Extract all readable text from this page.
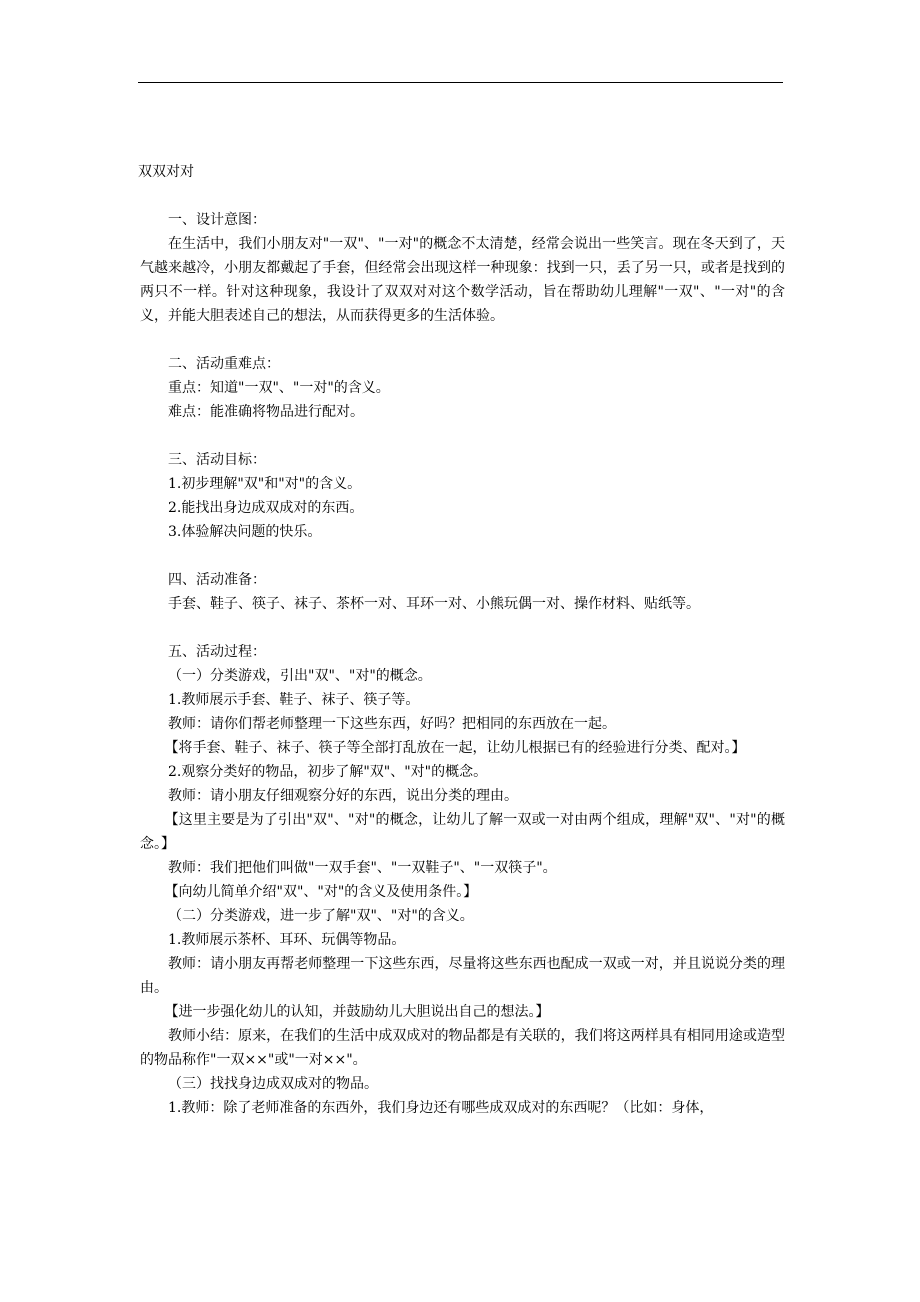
双双对对

一、设计意图：

在生活中，我们小朋友对"一双"、"一对"的概念不太清楚，经常会说出一些笑言。现在冬天到了，天气越来越冷，小朋友都戴起了手套，但经常会出现这样一种现象：找到一只，丢了另一只，或者是找到的两只不一样。针对这种现象，我设计了双双对对这个数学活动，旨在帮助幼儿理解"一双"、"一对"的含义，并能大胆表述自己的想法，从而获得更多的生活体验。

二、活动重难点：

重点：知道"一双"、"一对"的含义。

难点：能准确将物品进行配对。

三、活动目标：

1.初步理解"双"和"对"的含义。

2.能找出身边成双成对的东西。

3.体验解决问题的快乐。

四、活动准备：

手套、鞋子、筷子、袜子、茶杯一对、耳环一对、小熊玩偶一对、操作材料、贴纸等。

五、活动过程：

（一）分类游戏，引出"双"、"对"的概念。

1.教师展示手套、鞋子、袜子、筷子等。

教师：请你们帮老师整理一下这些东西，好吗？把相同的东西放在一起。

【将手套、鞋子、袜子、筷子等全部打乱放在一起，让幼儿根据已有的经验进行分类、配对。】

2.观察分类好的物品，初步了解"双"、"对"的概念。

教师：请小朋友仔细观察分好的东西，说出分类的理由。

【这里主要是为了引出"双"、"对"的概念，让幼儿了解一双或一对由两个组成，理解"双"、"对"的概念。】

教师：我们把他们叫做"一双手套"、"一双鞋子"、"一双筷子"。

【向幼儿简单介绍"双"、"对"的含义及使用条件。】

（二）分类游戏，进一步了解"双"、"对"的含义。

1.教师展示茶杯、耳环、玩偶等物品。

教师：请小朋友再帮老师整理一下这些东西，尽量将这些东西也配成一双或一对，并且说说分类的理由。

【进一步强化幼儿的认知，并鼓励幼儿大胆说出自己的想法。】

教师小结：原来，在我们的生活中成双成对的物品都是有关联的，我们将这两样具有相同用途或造型的物品称作"一双××"或"一对××"。

（三）找找身边成双成对的物品。

1.教师：除了老师准备的东西外，我们身边还有哪些成双成对的东西呢？（比如：身体，
